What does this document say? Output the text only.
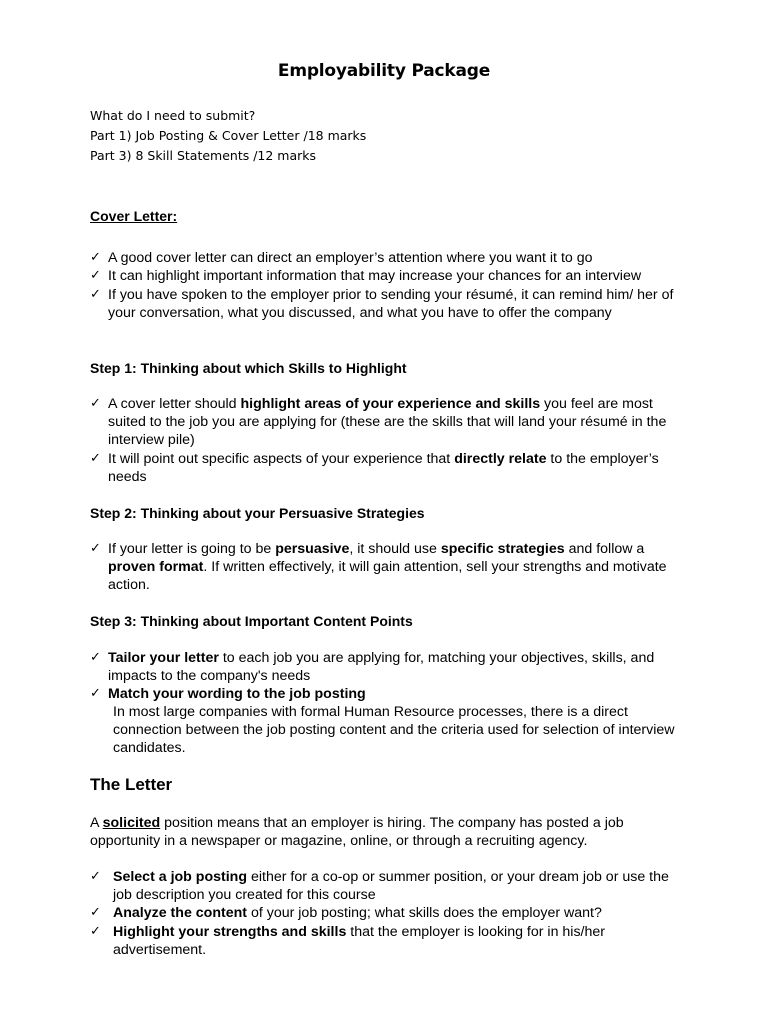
Employability Package
What do I need to submit?
Part 1) Job Posting & Cover Letter /18 marks
Part 3) 8 Skill Statements /12 marks
Cover Letter:
✓ A good cover letter can direct an employer’s attention where you want it to go
✓ It can highlight important information that may increase your chances for an interview
✓ If you have spoken to the employer prior to sending your résumé, it can remind him/ her of your conversation, what you discussed, and what you have to offer the company
Step 1: Thinking about which Skills to Highlight
✓ A cover letter should highlight areas of your experience and skills you feel are most suited to the job you are applying for (these are the skills that will land your résumé in the interview pile)
✓ It will point out specific aspects of your experience that directly relate to the employer’s needs
Step 2: Thinking about your Persuasive Strategies
✓ If your letter is going to be persuasive, it should use specific strategies and follow a proven format. If written effectively, it will gain attention, sell your strengths and motivate action.
Step 3: Thinking about Important Content Points
✓ Tailor your letter to each job you are applying for, matching your objectives, skills, and impacts to the company's needs
✓ Match your wording to the job posting
In most large companies with formal Human Resource processes, there is a direct connection between the job posting content and the criteria used for selection of interview candidates.
The Letter
A solicited position means that an employer is hiring. The company has posted a job opportunity in a newspaper or magazine, online, or through a recruiting agency.
✓ Select a job posting either for a co-op or summer position, or your dream job or use the job description you created for this course
✓ Analyze the content of your job posting; what skills does the employer want?
✓ Highlight your strengths and skills that the employer is looking for in his/her advertisement.
